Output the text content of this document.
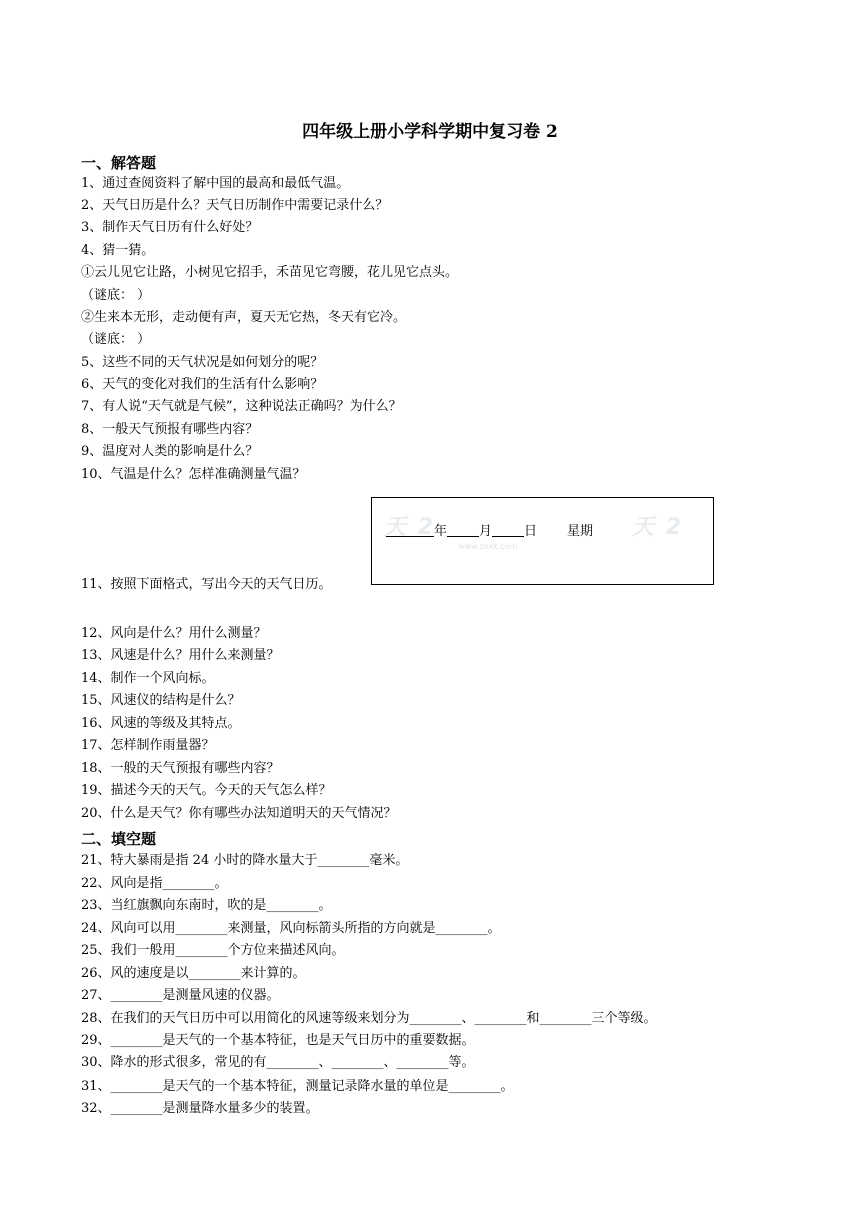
四年级上册小学科学期中复习卷 2
一、解答题
1、通过查阅资料了解中国的最高和最低气温。
2、天气日历是什么？天气日历制作中需要记录什么？
3、制作天气日历有什么好处？
4、猜一猜。
①云儿见它让路，小树见它招手，禾苗见它弯腰，花儿见它点头。
（谜底： ）
②生来本无形，走动便有声，夏天无它热，冬天有它冷。
（谜底： ）
5、这些不同的天气状况是如何划分的呢？
6、天气的变化对我们的生活有什么影响？
7、有人说“天气就是气候”，这种说法正确吗？为什么？
8、一般天气预报有哪些内容？
9、温度对人类的影响是什么？
10、气温是什么？怎样准确测量气温？
11、按照下面格式，写出今天的天气日历。
天 2	天 2
www.zxxk.com
年 月 日 星期
12、风向是什么？用什么测量？
13、风速是什么？用什么来测量？
14、制作一个风向标。
15、风速仪的结构是什么？
16、风速的等级及其特点。
17、怎样制作雨量器？
18、一般的天气预报有哪些内容？
19、描述今天的天气。今天的天气怎么样？
20、什么是天气？你有哪些办法知道明天的天气情况？
二、填空题
21、特大暴雨是指 24 小时的降水量大于________毫米。
22、风向是指________。
23、当红旗飘向东南时，吹的是________。
24、风向可以用________来测量，风向标箭头所指的方向就是________。
25、我们一般用________个方位来描述风向。
26、风的速度是以________来计算的。
27、________是测量风速的仪器。
28、在我们的天气日历中可以用简化的风速等级来划分为________、________和________三个等级。
29、________是天气的一个基本特征，也是天气日历中的重要数据。
30、降水的形式很多，常见的有________、________、________等。
31、________是天气的一个基本特征，测量记录降水量的单位是________。
32、________是测量降水量多少的装置。
